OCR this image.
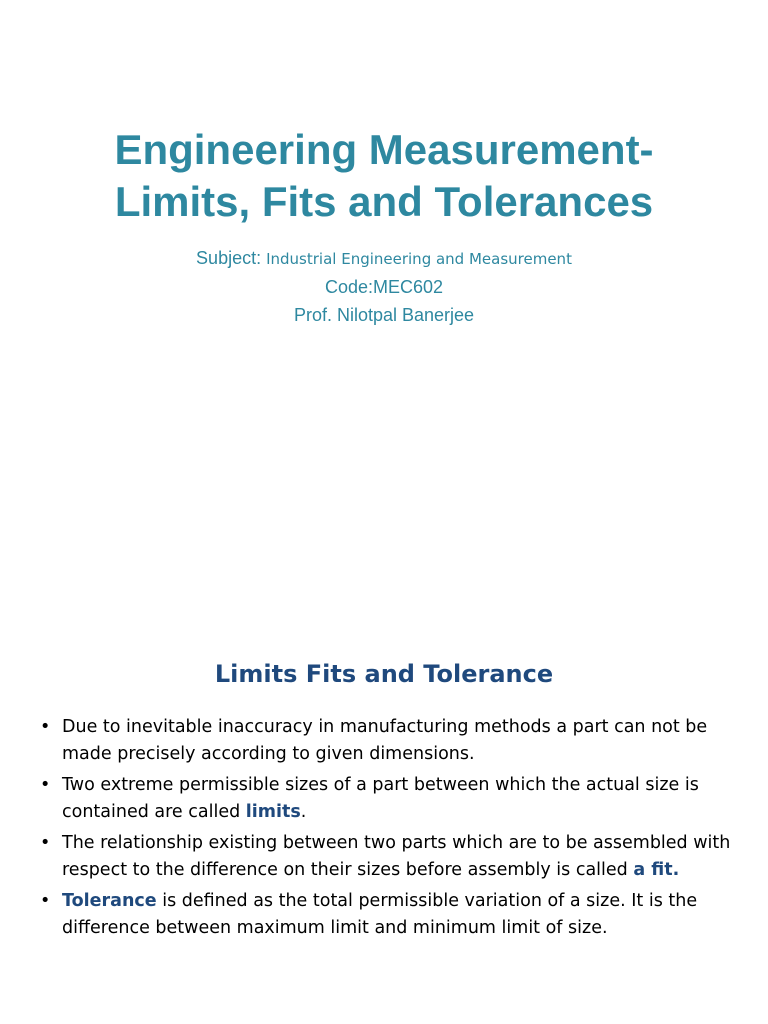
Engineering Measurement-
Limits, Fits and Tolerances
Subject: Industrial Engineering and Measurement
Code:MEC602
Prof. Nilotpal Banerjee
Limits Fits and Tolerance
• Due to inevitable inaccuracy in manufacturing methods a part can not be made precisely according to given dimensions.
• Two extreme permissible sizes of a part between which the actual size is contained are called limits.
• The relationship existing between two parts which are to be assembled with respect to the difference on their sizes before assembly is called a fit.
• Tolerance is defined as the total permissible variation of a size. It is the difference between maximum limit and minimum limit of size.
